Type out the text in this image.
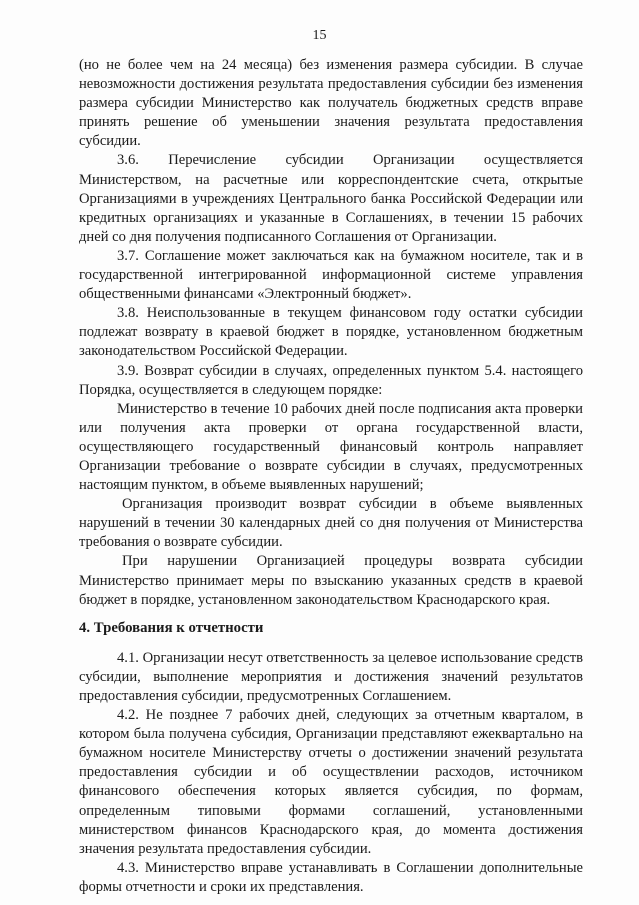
15

(но не более чем на 24 месяца) без изменения размера субсидии. В случае невозможности достижения результата предоставления субсидии без изменения размера субсидии Министерство как получатель бюджетных средств вправе принять решение об уменьшении значения результата предоставления субсидии.

3.6. Перечисление субсидии Организации осуществляется Министерством, на расчетные или корреспондентские счета, открытые Организациями в учреждениях Центрального банка Российской Федерации или кредитных организациях и указанные в Соглашениях, в течении 15 рабочих дней со дня получения подписанного Соглашения от Организации.

3.7. Соглашение может заключаться как на бумажном носителе, так и в государственной интегрированной информационной системе управления общественными финансами «Электронный бюджет».

3.8. Неиспользованные в текущем финансовом году остатки субсидии подлежат возврату в краевой бюджет в порядке, установленном бюджетным законодательством Российской Федерации.

3.9. Возврат субсидии в случаях, определенных пунктом 5.4. настоящего Порядка, осуществляется в следующем порядке:

Министерство в течение 10 рабочих дней после подписания акта проверки или получения акта проверки от органа государственной власти, осуществляющего государственный финансовый контроль направляет Организации требование о возврате субсидии в случаях, предусмотренных настоящим пунктом, в объеме выявленных нарушений;

Организация производит возврат субсидии в объеме выявленных нарушений в течении 30 календарных дней со дня получения от Министерства требования о возврате субсидии.

При нарушении Организацией процедуры возврата субсидии Министерство принимает меры по взысканию указанных средств в краевой бюджет в порядке, установленном законодательством Краснодарского края.

4. Требования к отчетности

4.1. Организации несут ответственность за целевое использование средств субсидии, выполнение мероприятия и достижения значений результатов предоставления субсидии, предусмотренных Соглашением.

4.2. Не позднее 7 рабочих дней, следующих за отчетным кварталом, в котором была получена субсидия, Организации представляют ежеквартально на бумажном носителе Министерству отчеты о достижении значений результата предоставления субсидии и об осуществлении расходов, источником финансового обеспечения которых является субсидия, по формам, определенным типовыми формами соглашений, установленными министерством финансов Краснодарского края, до момента достижения значения результата предоставления субсидии.

4.3. Министерство вправе устанавливать в Соглашении дополнительные формы отчетности и сроки их представления.
